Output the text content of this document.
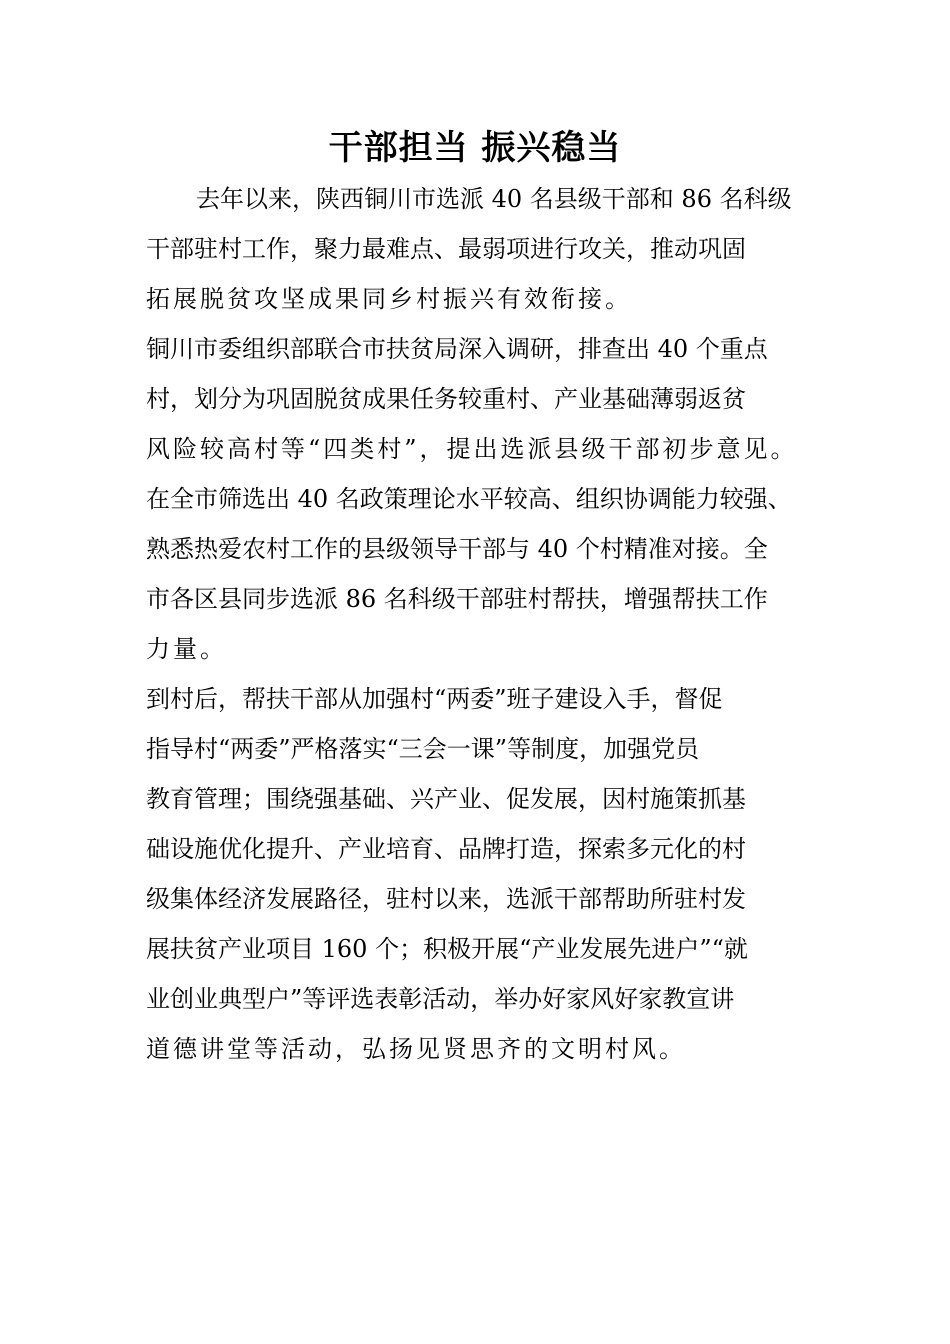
干部担当 振兴稳当
去年以来，陕西铜川市选派 40 名县级干部和 86 名科级
干部驻村工作，聚力最难点、最弱项进行攻关，推动巩固
拓展脱贫攻坚成果同乡村振兴有效衔接。
铜川市委组织部联合市扶贫局深入调研，排查出 40 个重点
村，划分为巩固脱贫成果任务较重村、产业基础薄弱返贫
风险较高村等“四类村”，提出选派县级干部初步意见。
在全市筛选出 40 名政策理论水平较高、组织协调能力较强、
熟悉热爱农村工作的县级领导干部与 40 个村精准对接。全
市各区县同步选派 86 名科级干部驻村帮扶，增强帮扶工作
力量。
到村后，帮扶干部从加强村“两委”班子建设入手，督促
指导村“两委”严格落实“三会一课”等制度，加强党员
教育管理；围绕强基础、兴产业、促发展，因村施策抓基
础设施优化提升、产业培育、品牌打造，探索多元化的村
级集体经济发展路径，驻村以来，选派干部帮助所驻村发
展扶贫产业项目 160 个；积极开展“产业发展先进户”“就
业创业典型户”等评选表彰活动，举办好家风好家教宣讲
道德讲堂等活动，弘扬见贤思齐的文明村风。
